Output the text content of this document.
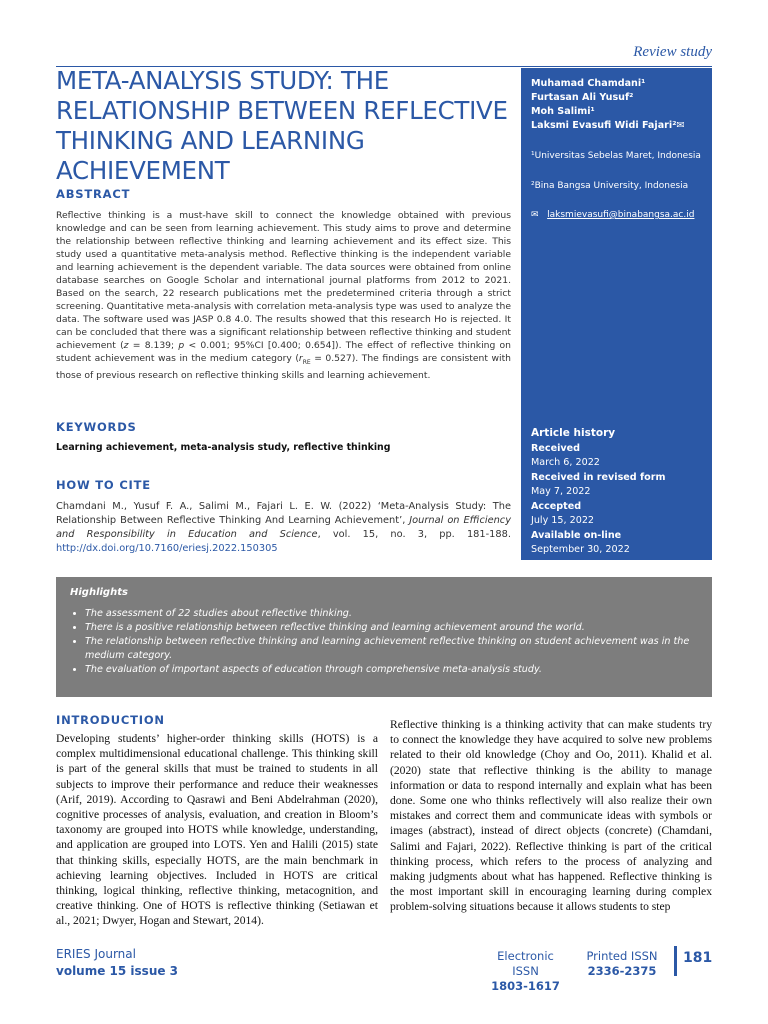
Review study
META-ANALYSIS STUDY: THE RELATIONSHIP BETWEEN REFLECTIVE THINKING AND LEARNING ACHIEVEMENT
Muhamad Chamdani¹
Furtasan Ali Yusuf²
Moh Salimi¹
Laksmi Evasufi Widi Fajari²✉
¹Universitas Sebelas Maret, Indonesia
²Bina Bangsa University, Indonesia
✉ laksmievasufi@binabangsa.ac.id
Article history
Received
March 6, 2022
Received in revised form
May 7, 2022
Accepted
July 15, 2022
Available on-line
September 30, 2022
ABSTRACT
Reflective thinking is a must-have skill to connect the knowledge obtained with previous knowledge and can be seen from learning achievement. This study aims to prove and determine the relationship between reflective thinking and learning achievement and its effect size. This study used a quantitative meta-analysis method. Reflective thinking is the independent variable and learning achievement is the dependent variable. The data sources were obtained from online database searches on Google Scholar and international journal platforms from 2012 to 2021. Based on the search, 22 research publications met the predetermined criteria through a strict screening. Quantitative meta-analysis with correlation meta-analysis type was used to analyze the data. The software used was JASP 0.8 4.0. The results showed that this research Ho is rejected. It can be concluded that there was a significant relationship between reflective thinking and student achievement (z = 8.139; p < 0.001; 95%CI [0.400; 0.654]). The effect of reflective thinking on student achievement was in the medium category $(r_{RE} = 0.527)$. The findings are consistent with those of previous research on reflective thinking skills and learning achievement.
KEYWORDS
Learning achievement, meta-analysis study, reflective thinking
HOW TO CITE
Chamdani M., Yusuf F. A., Salimi M., Fajari L. E. W. (2022) ‘Meta-Analysis Study: The Relationship Between Reflective Thinking And Learning Achievement’, Journal on Efficiency and Responsibility in Education and Science, vol. 15, no. 3, pp. 181-188. http://dx.doi.org/10.7160/eriesj.2022.150305
Highlights
• The assessment of 22 studies about reflective thinking.
• There is a positive relationship between reflective thinking and learning achievement around the world.
• The relationship between reflective thinking and learning achievement reflective thinking on student achievement was in the medium category.
• The evaluation of important aspects of education through comprehensive meta-analysis study.
INTRODUCTION
Developing students’ higher-order thinking skills (HOTS) is a complex multidimensional educational challenge. This thinking skill is part of the general skills that must be trained to students in all subjects to improve their performance and reduce their weaknesses (Arif, 2019). According to Qasrawi and Beni Abdelrahman (2020), cognitive processes of analysis, evaluation, and creation in Bloom’s taxonomy are grouped into HOTS while knowledge, understanding, and application are grouped into LOTS. Yen and Halili (2015) state that thinking skills, especially HOTS, are the main benchmark in achieving learning objectives. Included in HOTS are critical thinking, logical thinking, reflective thinking, metacognition, and creative thinking. One of HOTS is reflective thinking (Setiawan et al., 2021; Dwyer, Hogan and Stewart, 2014).
Reflective thinking is a thinking activity that can make students try to connect the knowledge they have acquired to solve new problems related to their old knowledge (Choy and Oo, 2011). Khalid et al. (2020) state that reflective thinking is the ability to manage information or data to respond internally and explain what has been done. Some one who thinks reflectively will also realize their own mistakes and correct them and communicate ideas with symbols or images (abstract), instead of direct objects (concrete) (Chamdani, Salimi and Fajari, 2022). Reflective thinking is part of the critical thinking process, which refers to the process of analyzing and making judgments about what has happened. Reflective thinking is the most important skill in encouraging learning during complex problem-solving situations because it allows students to step
ERIES Journal
volume 15 issue 3
Electronic ISSN
1803-1617
Printed ISSN
2336-2375
181
